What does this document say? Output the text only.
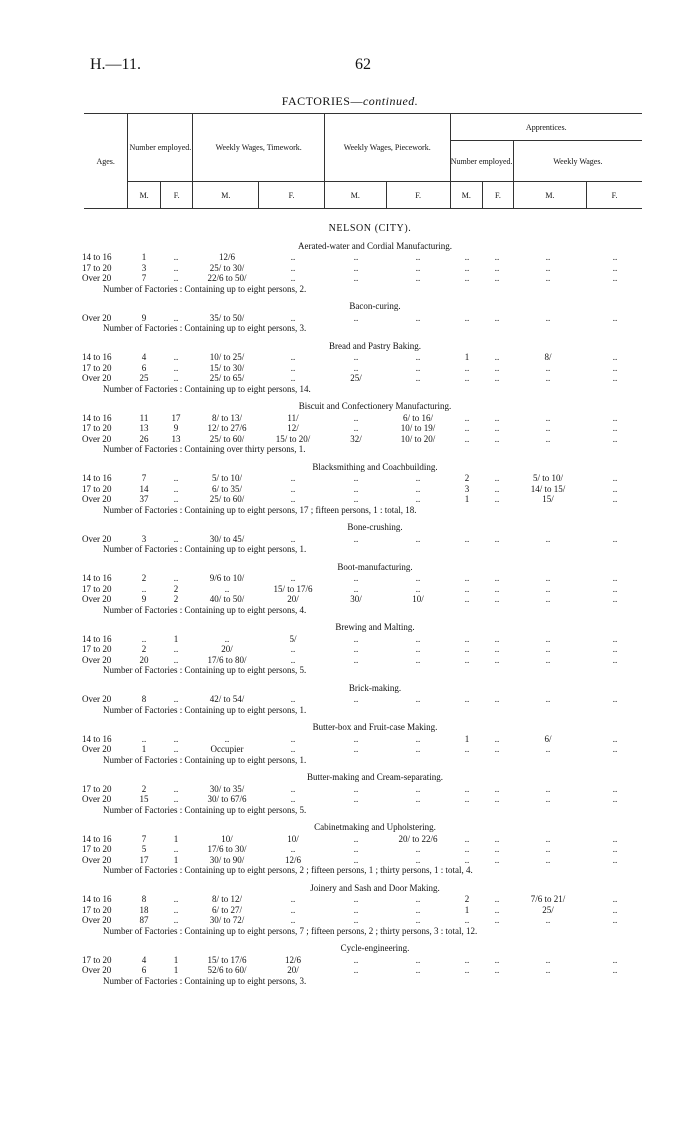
H.—11.	62
FACTORIES—continued.
Ages.	Number employed.		Weekly Wages, Timework.		Weekly Wages, Piecework.		Apprentices.			
							Number employed.		Weekly Wages.	
	M.	F.	M.	F.	M.	F.	M.	F.	M.	F.
NELSON (CITY).
Aerated-water and Cordial Manufacturing.
14 to 16	1	..	12/6	..	..	..	..	..	..	..
17 to 20	3	..	25/ to 30/	..	..	..	..	..	..	..
Over 20	7	..	22/6 to 50/	..	..	..	..	..	..	..
Number of Factories : Containing up to eight persons, 2.
Bacon-curing.
Over 20	9	..	35/ to 50/	..	..	..	..	..	..	..
Number of Factories : Containing up to eight persons, 3.
Bread and Pastry Baking.
14 to 16	4	..	10/ to 25/	..	..	..	1	..	8/	..
17 to 20	6	..	15/ to 30/	..	..	..	..	..	..	..
Over 20	25	..	25/ to 65/	..	25/	..	..	..	..	..
Number of Factories : Containing up to eight persons, 14.
Biscuit and Confectionery Manufacturing.
14 to 16	11	17	8/ to 13/	11/	..	6/ to 16/	..	..	..	..
17 to 20	13	9	12/ to 27/6	12/	..	10/ to 19/	..	..	..	..
Over 20	26	13	25/ to 60/	15/ to 20/	32/	10/ to 20/	..	..	..	..
Number of Factories : Containing over thirty persons, 1.
Blacksmithing and Coachbuilding.
14 to 16	7	..	5/ to 10/	..	..	..	2	..	5/ to 10/	..
17 to 20	14	..	6/ to 35/	..	..	..	3	..	14/ to 15/	..
Over 20	37	..	25/ to 60/	..	..	..	1	..	15/	..
Number of Factories : Containing up to eight persons, 17 ; fifteen persons, 1 : total, 18.
Bone-crushing.
Over 20	3	..	30/ to 45/	..	..	..	..	..	..	..
Number of Factories : Containing up to eight persons, 1.
Boot-manufacturing.
14 to 16	2	..	9/6 to 10/	..	..	..	..	..	..	..
17 to 20	..	2	..	15/ to 17/6	..	..	..	..	..	..
Over 20	9	2	40/ to 50/	20/	30/	10/	..	..	..	..
Number of Factories : Containing up to eight persons, 4.
Brewing and Malting.
14 to 16	..	1	..	5/	..	..	..	..	..	..
17 to 20	2	..	20/	..	..	..	..	..	..	..
Over 20	20	..	17/6 to 80/	..	..	..	..	..	..	..
Number of Factories : Containing up to eight persons, 5.
Brick-making.
Over 20	8	..	42/ to 54/	..	..	..	..	..	..	..
Number of Factories : Containing up to eight persons, 1.
Butter-box and Fruit-case Making.
14 to 16	..	..	..	..	..	..	1	..	6/	..
Over 20	1	..	Occupier	..	..	..	..	..	..	..
Number of Factories : Containing up to eight persons, 1.
Butter-making and Cream-separating.
17 to 20	2	..	30/ to 35/	..	..	..	..	..	..	..
Over 20	15	..	30/ to 67/6	..	..	..	..	..	..	..
Number of Factories : Containing up to eight persons, 5.
Cabinetmaking and Upholstering.
14 to 16	7	1	10/	10/	..	20/ to 22/6	..	..	..	..
17 to 20	5	..	17/6 to 30/	..	..	..	..	..	..	..
Over 20	17	1	30/ to 90/	12/6	..	..	..	..	..	..
Number of Factories : Containing up to eight persons, 2 ; fifteen persons, 1 ; thirty persons, 1 : total, 4.
Joinery and Sash and Door Making.
14 to 16	8	..	8/ to 12/	..	..	..	2	..	7/6 to 21/	..
17 to 20	18	..	6/ to 27/	..	..	..	1	..	25/	..
Over 20	87	..	30/ to 72/	..	..	..	..	..	..	..
Number of Factories : Containing up to eight persons, 7 ; fifteen persons, 2 ; thirty persons, 3 : total, 12.
Cycle-engineering.
17 to 20	4	1	15/ to 17/6	12/6	..	..	..	..	..	..
Over 20	6	1	52/6 to 60/	20/	..	..	..	..	..	..
Number of Factories : Containing up to eight persons, 3.
